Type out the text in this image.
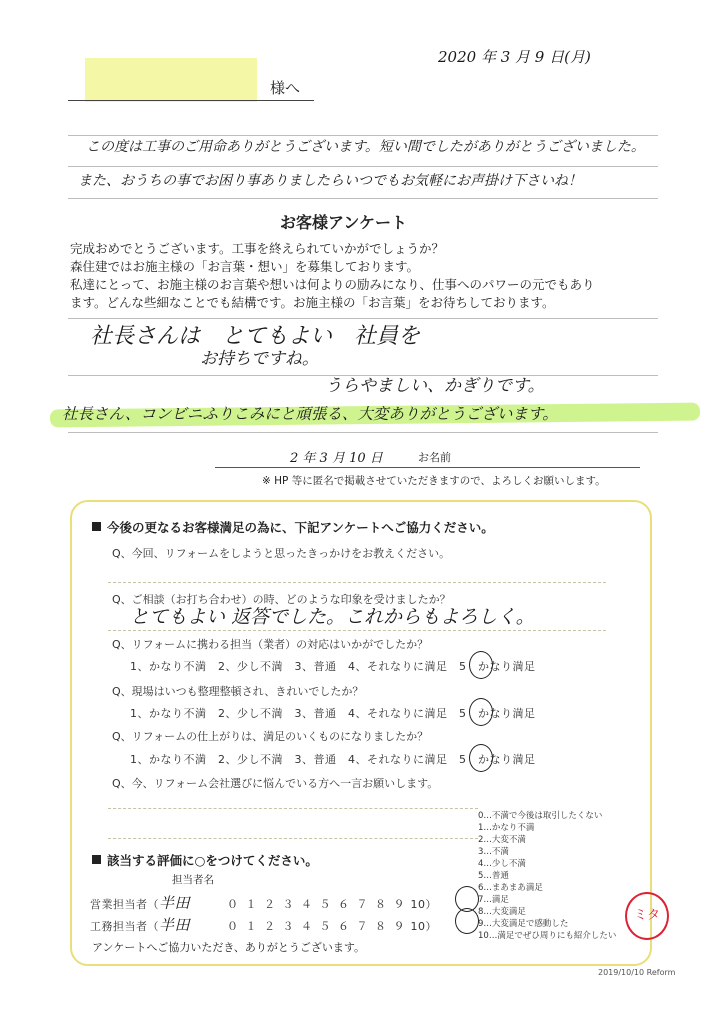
2020 年 3 月 9 日(月)
様へ
この度は工事のご用命ありがとうございます。短い間でしたがありがとうございました。
また、おうちの事でお困り事ありましたらいつでもお気軽にお声掛け下さいね！
お客様アンケート
完成おめでとうございます。工事を終えられていかがでしょうか？
森住建ではお施主様の「お言葉・想い」を募集しております。
私達にとって、お施主様のお言葉や想いは何よりの励みになり、仕事へのパワーの元でもあり
ます。どんな些細なことでも結構です。お施主様の「お言葉」をお待ちしております。
社長さんは　とてもよい　社員を
お持ちですね。
うらやましい、かぎりです。
社長さん、コンビニふりこみにと頑張る、大変ありがとうございます。
2 年 3 月 10 日	お名前
※ HP 等に匿名で掲載させていただきますので、よろしくお願いします。
今後の更なるお客様満足の為に、下記アンケートへご協力ください。
Q、今回、リフォームをしようと思ったきっかけをお教えください。
Q、ご相談（お打ち合わせ）の時、どのような印象を受けましたか？
とてもよい 返答でした。これからもよろしく。
Q、リフォームに携わる担当（業者）の対応はいかがでしたか？
1、かなり不満　 2、少し不満　 3、普通　 4、それなりに満足　 5　 かなり満足
Q、現場はいつも整理整頓され、きれいでしたか？
1、かなり不満　 2、少し不満　 3、普通　 4、それなりに満足　 5　 かなり満足
Q、リフォームの仕上がりは、満足のいくものになりましたか？
1、かなり不満　 2、少し不満　 3、普通　 4、それなりに満足　 5　 かなり満足
Q、今、リフォーム会社選びに悩んでいる方へ一言お願いします。
0…不満で今後は取引したくない
1…かなり不満
2…大変不満
3…不満
4…少し不満
5…普通
6…まあまあ満足
7…満足
8…大変満足
9…大変満足で感動した
10…満足でぜひ周りにも紹介したい
該当する評価に○をつけてください。
担当者名
営業担当者（半田	０ １ ２ ３ ４ ５ ６ ７ ８ ９ 10）
工務担当者（半田	０ １ ２ ３ ４ ５ ６ ７ ８ ９ 10）
アンケートへご協力いただき、ありがとうございます。
ミタ
2019/10/10 Reform
